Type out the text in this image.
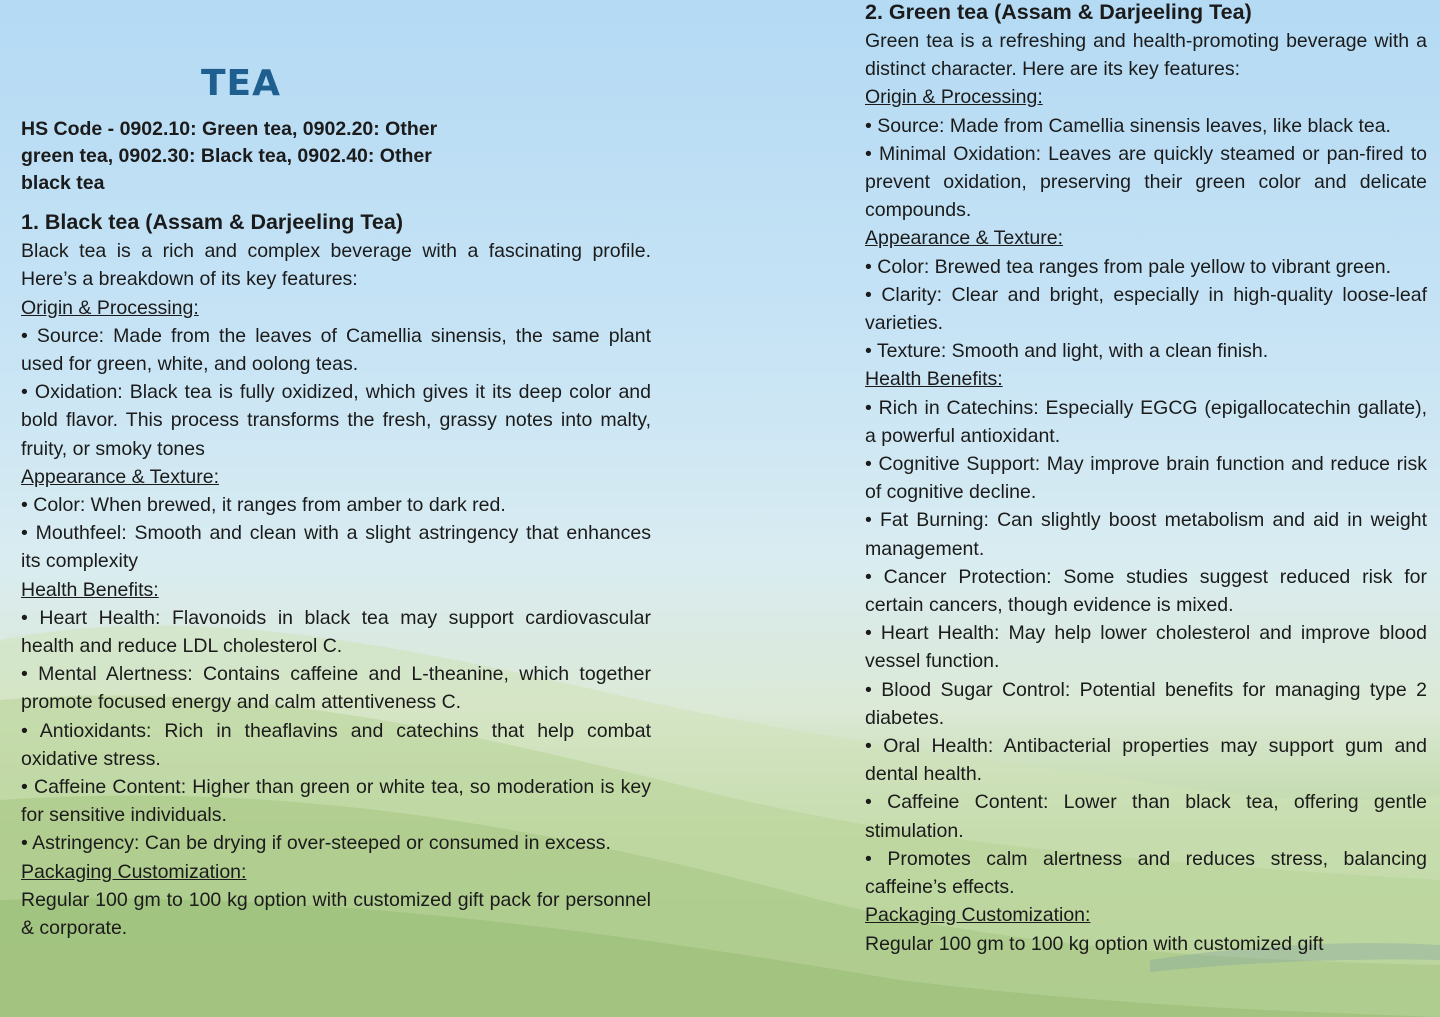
TEA
HS Code - 0902.10: Green tea, 0902.20: Other green tea, 0902.30: Black tea, 0902.40: Other black tea
1. Black tea (Assam & Darjeeling Tea)

Black tea is a rich and complex beverage with a fascinating profile. Here’s a breakdown of its key features:

Origin & Processing:

• Source: Made from the leaves of Camellia sinensis, the same plant used for green, white, and oolong teas.

• Oxidation: Black tea is fully oxidized, which gives it its deep color and bold flavor. This process transforms the fresh, grassy notes into malty, fruity, or smoky tones

Appearance & Texture:

• Color: When brewed, it ranges from amber to dark red.

• Mouthfeel: Smooth and clean with a slight astringency that enhances its complexity

Health Benefits:

• Heart Health: Flavonoids in black tea may support cardiovascular health and reduce LDL cholesterol C.

• Mental Alertness: Contains caffeine and L-theanine, which together promote focused energy and calm attentiveness C.

• Antioxidants: Rich in theaflavins and catechins that help combat oxidative stress.

• Caffeine Content: Higher than green or white tea, so moderation is key for sensitive individuals.

• Astringency: Can be drying if over-steeped or consumed in excess.

Packaging Customization:

Regular 100 gm to 100 kg option with customized gift pack for personnel & corporate.

2. Green tea (Assam & Darjeeling Tea)

Green tea is a refreshing and health-promoting beverage with a distinct character. Here are its key features:

Origin & Processing:

• Source: Made from Camellia sinensis leaves, like black tea.

• Minimal Oxidation: Leaves are quickly steamed or pan-fired to prevent oxidation, preserving their green color and delicate compounds.

Appearance & Texture:

• Color: Brewed tea ranges from pale yellow to vibrant green.

• Clarity: Clear and bright, especially in high-quality loose-leaf varieties.

• Texture: Smooth and light, with a clean finish.

Health Benefits:

• Rich in Catechins: Especially EGCG (epigallocatechin gallate), a powerful antioxidant.

• Cognitive Support: May improve brain function and reduce risk of cognitive decline.

• Fat Burning: Can slightly boost metabolism and aid in weight management.

• Cancer Protection: Some studies suggest reduced risk for certain cancers, though evidence is mixed.

• Heart Health: May help lower cholesterol and improve blood vessel function.

• Blood Sugar Control: Potential benefits for managing type 2 diabetes.

• Oral Health: Antibacterial properties may support gum and dental health.

• Caffeine Content: Lower than black tea, offering gentle stimulation.

• Promotes calm alertness and reduces stress, balancing caffeine’s effects.

Packaging Customization:

Regular 100 gm to 100 kg option with customized gift
